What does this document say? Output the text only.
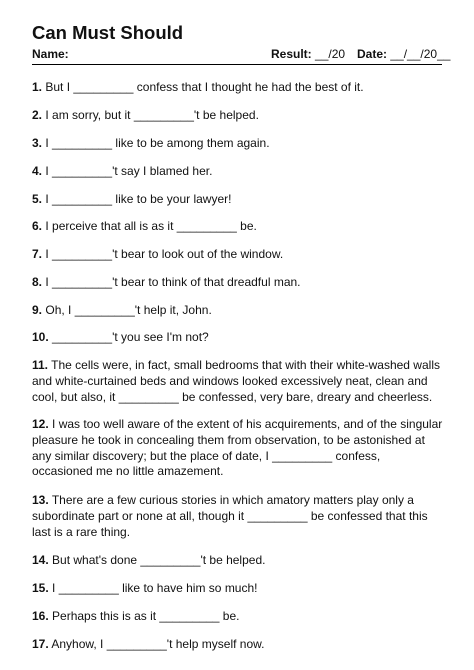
Can Must Should
Name:	Result: __/20 Date: __/__/20__
1. But I _________ confess that I thought he had the best of it.
2. I am sorry, but it _________'t be helped.
3. I _________ like to be among them again.
4. I _________'t say I blamed her.
5. I _________ like to be your lawyer!
6. I perceive that all is as it _________ be.
7. I _________'t bear to look out of the window.
8. I _________'t bear to think of that dreadful man.
9. Oh, I _________'t help it, John.
10. _________'t you see I'm not?
11. The cells were, in fact, small bedrooms that with their white-washed walls and white-curtained beds and windows looked excessively neat, clean and cool, but also, it _________ be confessed, very bare, dreary and cheerless.
12. I was too well aware of the extent of his acquirements, and of the singular pleasure he took in concealing them from observation, to be astonished at any similar discovery; but the place of date, I _________ confess, occasioned me no little amazement.
13. There are a few curious stories in which amatory matters play only a subordinate part or none at all, though it _________ be confessed that this last is a rare thing.
14. But what's done _________'t be helped.
15. I _________ like to have him so much!
16. Perhaps this is as it _________ be.
17. Anyhow, I _________'t help myself now.
